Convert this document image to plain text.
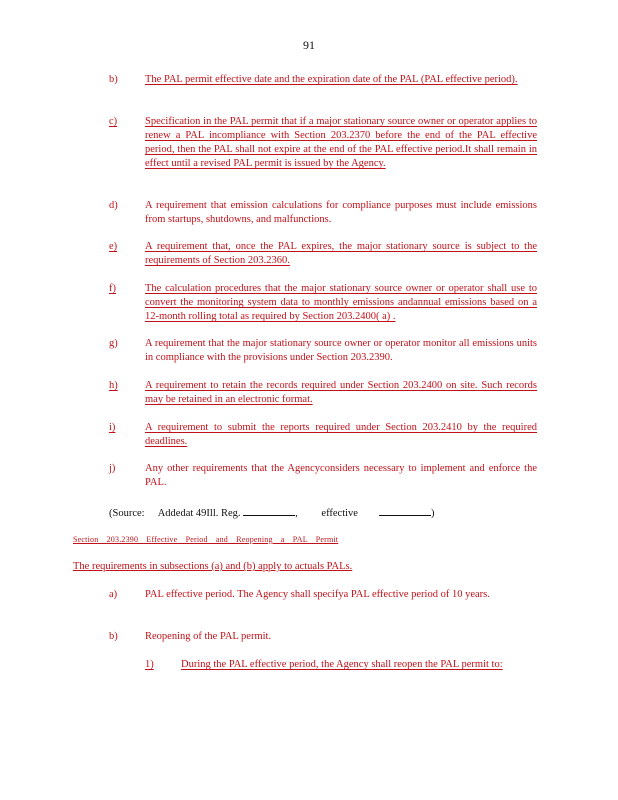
91
b)	The PAL permit effective date and the expiration date of the PAL (PAL effective period).
c)	Specification in the PAL permit that if a major stationary source owner or operator applies to renew a PAL incompliance with Section 203.2370 before the end of the PAL effective period, then the PAL shall not expire at the end of the PAL effective period.It shall remain in effect until a revised PAL permit is issued by the Agency.
d)	A requirement that emission calculations for compliance purposes must include emissions from startups, shutdowns, and malfunctions.
e)	A requirement that, once the PAL expires, the major stationary source is subject to the requirements of Section 203.2360.
f)	The calculation procedures that the major stationary source owner or operator shall use to convert the monitoring system data to monthly emissions andannual emissions based on a 12-month rolling total as required by Section 203.2400( a) .
g)	A requirement that the major stationary source owner or operator monitor all emissions units in compliance with the provisions under Section 203.2390.
h)	A requirement to retain the records required under Section 203.2400 on site. Such records may be retained in an electronic format.
i)	A requirement to submit the reports required under Section 203.2410 by the required deadlines.
j)	Any other requirements that the Agencyconsiders necessary to implement and enforce the PAL.
(Source: Addedat 49Ill. Reg.	, effective	)
Section 203.2390 Effective Period and Reopening a PAL Permit
The requirements in subsections (a) and (b) apply to actuals PALs.
a)	PAL effective period. The Agency shall specifya PAL effective period of 10 years.
b)	Reopening of the PAL permit.
1)	During the PAL effective period, the Agency shall reopen the PAL permit to:
